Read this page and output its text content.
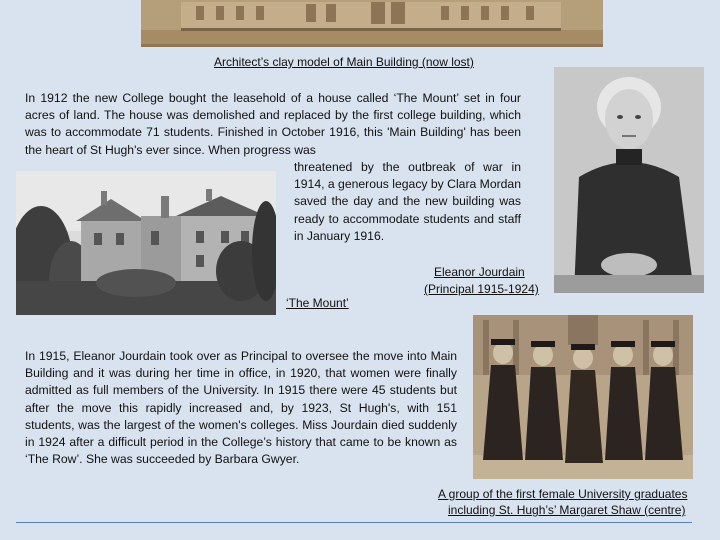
Architect’s clay model of Main Building (now lost)

In 1912 the new College bought the leasehold of a house called ‘The Mount’ set in four acres of land. The house was demolished and replaced by the first college building, which was to accommodate 71 students. Finished in October 1916, this 'Main Building' has been the heart of St Hugh's ever since. When progress was

threatened by the outbreak of war in 1914, a generous legacy by Clara Mordan saved the day and the new building was ready to accommodate students and staff in January 1916.

‘The Mount’
Eleanor Jourdain
(Principal 1915-1924)

In 1915, Eleanor Jourdain took over as Principal to oversee the move into Main Building and it was during her time in office, in 1920, that women were finally admitted as full members of the University. In 1915 there were 45 students but after the move this rapidly increased and, by 1923, St Hugh's, with 151 students, was the largest of the women's colleges. Miss Jourdain died suddenly in 1924 after a difficult period in the College’s history that came to be known as ‘The Row’. She was succeeded by Barbara Gwyer.

A group of the first female University graduates
including St. Hugh’s’ Margaret Shaw (centre)
